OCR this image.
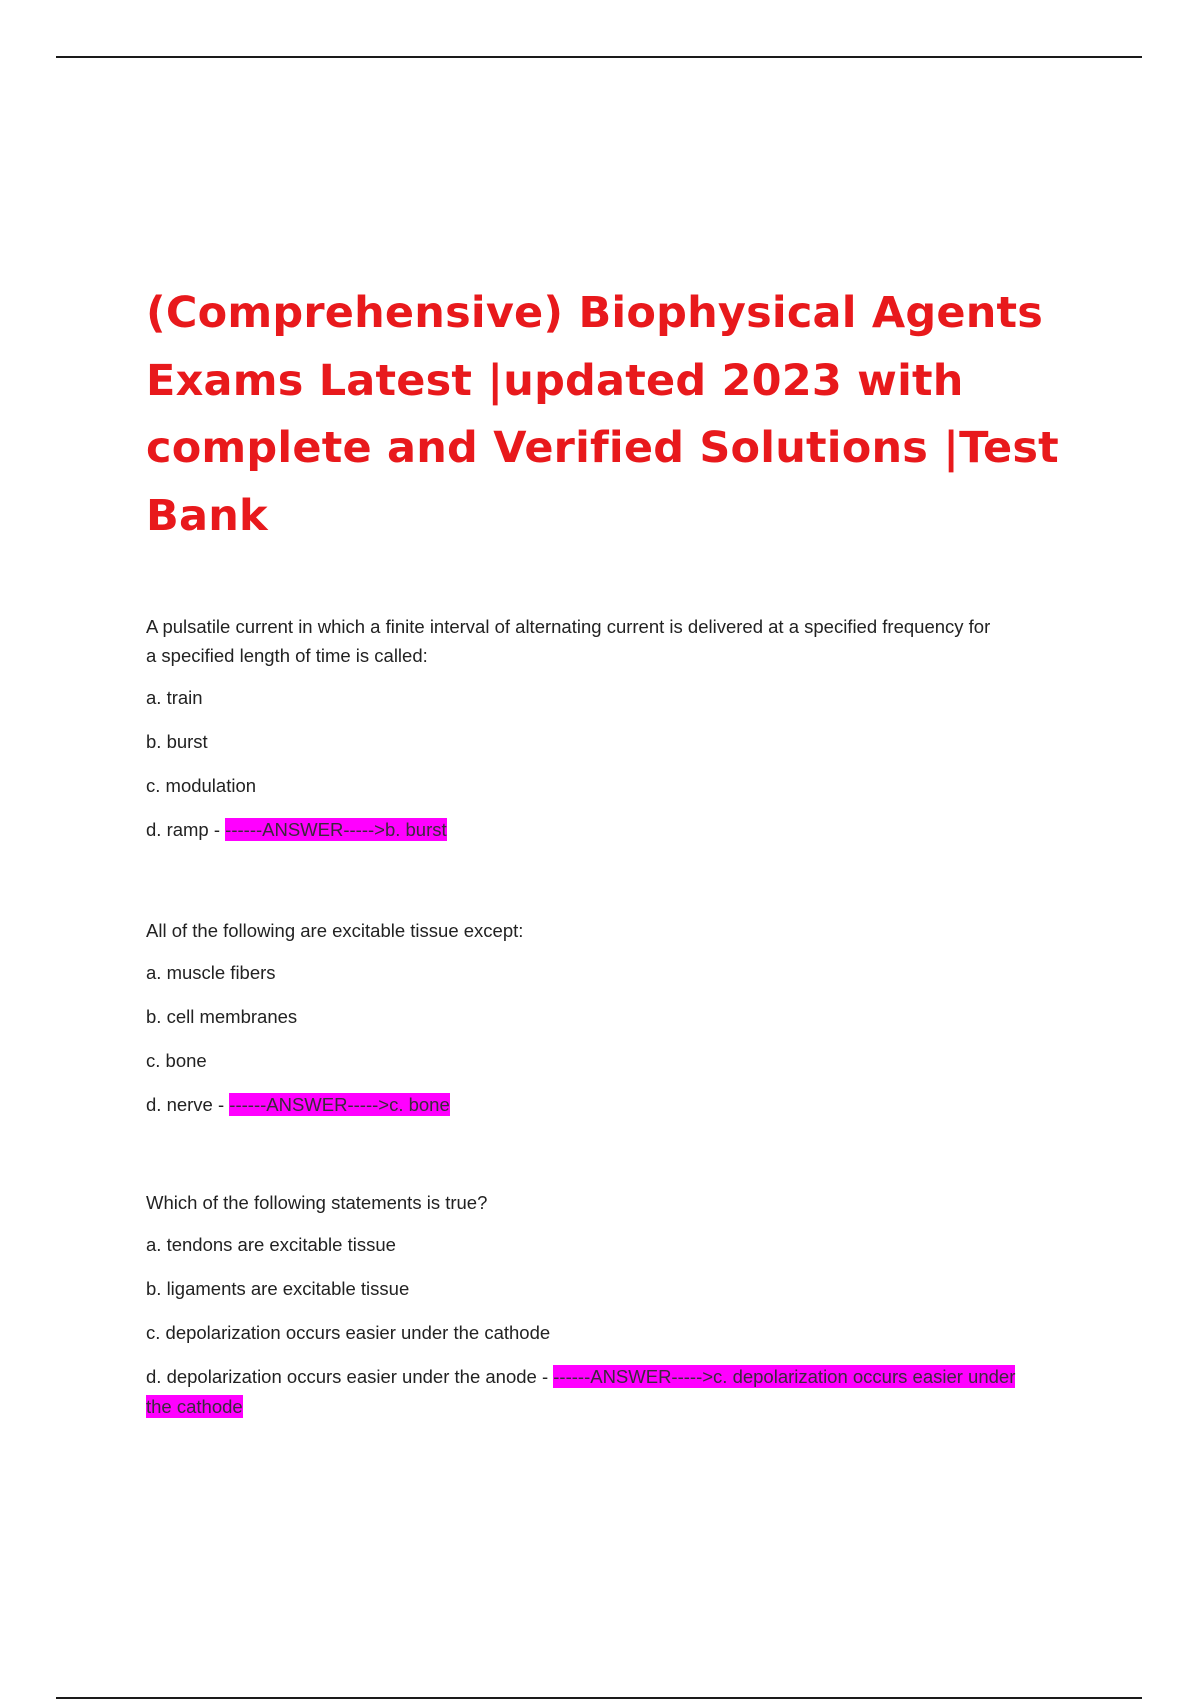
(Comprehensive) Biophysical Agents
Exams Latest |updated 2023 with
complete and Verified Solutions |Test
Bank

A pulsatile current in which a finite interval of alternating current is delivered at a specified frequency for
a specified length of time is called:

a. train

b. burst

c. modulation

d. ramp - ------ANSWER----->b. burst

All of the following are excitable tissue except:

a. muscle fibers

b. cell membranes

c. bone

d. nerve - ------ANSWER----->c. bone

Which of the following statements is true?

a. tendons are excitable tissue

b. ligaments are excitable tissue

c. depolarization occurs easier under the cathode

d. depolarization occurs easier under the anode - ------ANSWER----->c. depolarization occurs easier under
the cathode
